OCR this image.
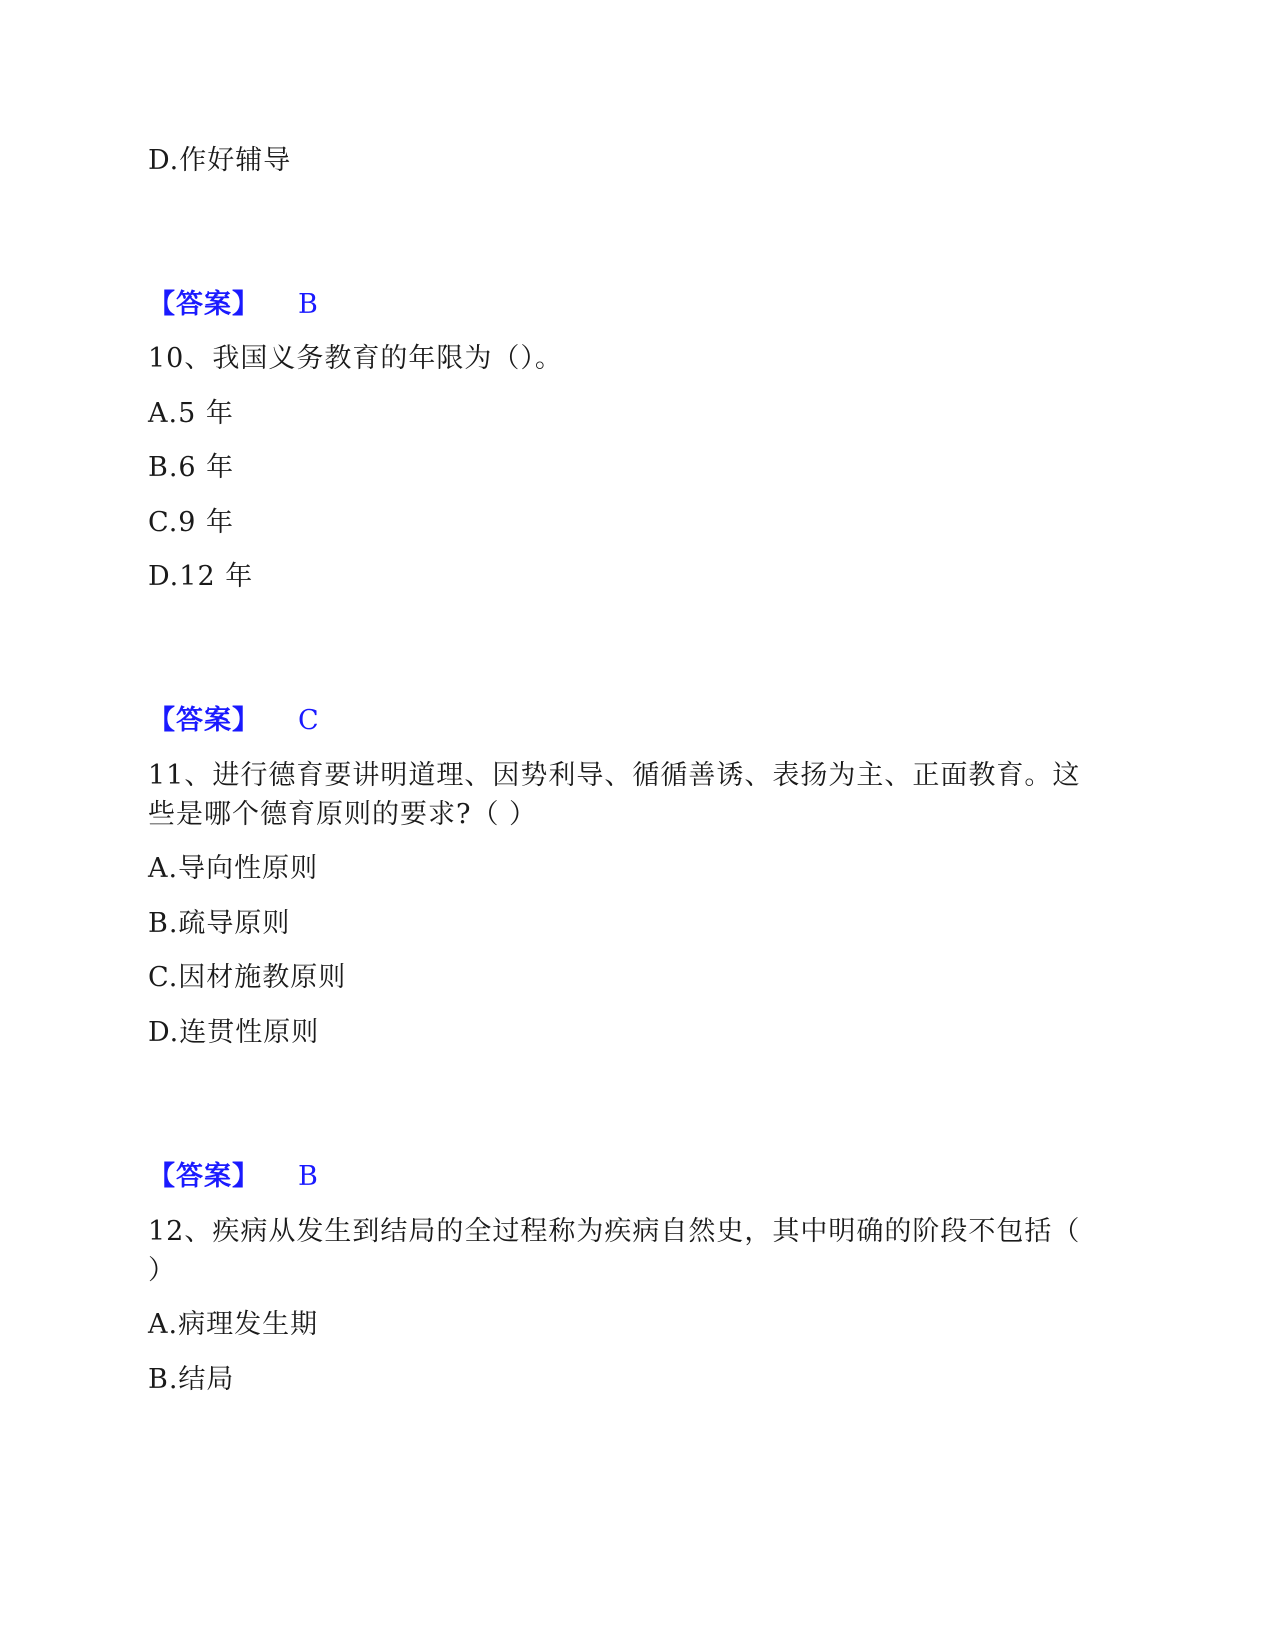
D.作好辅导
【答案】 B
10、我国义务教育的年限为（）。
A.5 年
B.6 年
C.9 年
D.12 年
【答案】 C
11、进行德育要讲明道理、因势利导、循循善诱、表扬为主、正面教育。这
些是哪个德育原则的要求?（ ）
A.导向性原则
B.疏导原则
C.因材施教原则
D.连贯性原则
【答案】 B
12、疾病从发生到结局的全过程称为疾病自然史，其中明确的阶段不包括（
）
A.病理发生期
B.结局
